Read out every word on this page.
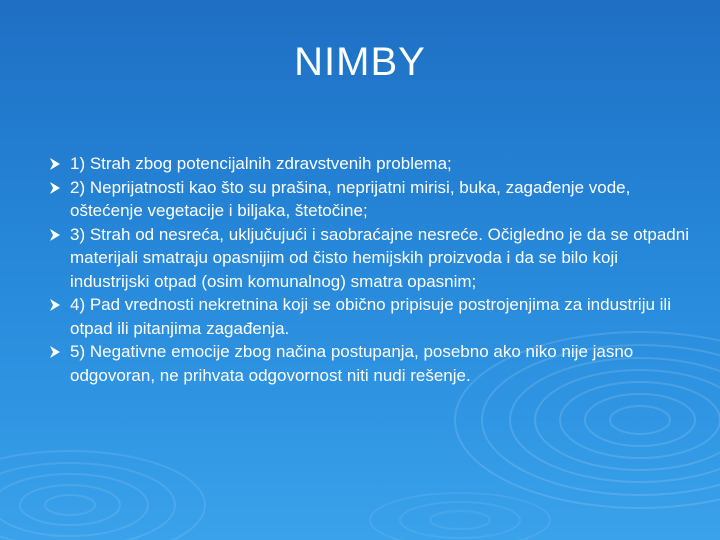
NIMBY
1) Strah zbog potencijalnih zdravstvenih problema;
2) Neprijatnosti kao što su prašina, neprijatni mirisi, buka, zagađenje vode, oštećenje vegetacije i biljaka, štetočine;
3) Strah od nesreća, uključujući i saobraćajne nesreće. Očigledno je da se otpadni materijali smatraju opasnijim od čisto hemijskih proizvoda i da se bilo koji industrijski otpad (osim komunalnog) smatra opasnim;
4) Pad vrednosti nekretnina koji se obično pripisuje postrojenjima za industriju ili otpad ili pitanjima zagađenja.
5) Negativne emocije zbog načina postupanja, posebno ako niko nije jasno odgovoran, ne prihvata odgovornost niti nudi rešenje.
